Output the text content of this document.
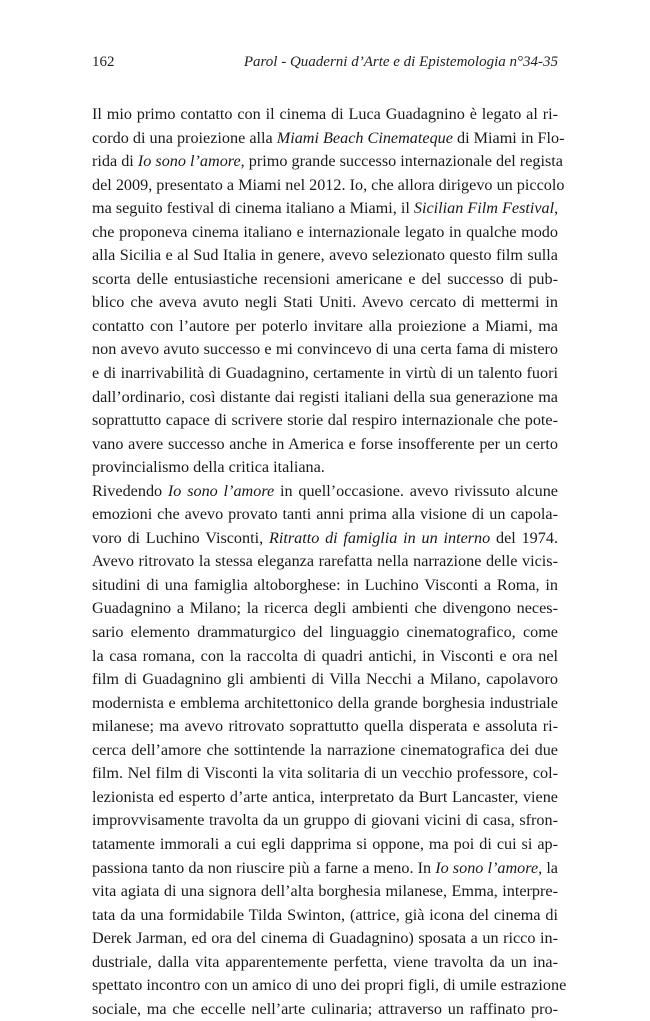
162	Parol - Quaderni d’Arte e di Epistemologia n°34-35
Il mio primo contatto con il cinema di Luca Guadagnino è legato al ri-
cordo di una proiezione alla Miami Beach Cinemateque di Miami in Flo-
rida di Io sono l’amore, primo grande successo internazionale del regista
del 2009, presentato a Miami nel 2012. Io, che allora dirigevo un piccolo
ma seguito festival di cinema italiano a Miami, il Sicilian Film Festival,
che proponeva cinema italiano e internazionale legato in qualche modo
alla Sicilia e al Sud Italia in genere, avevo selezionato questo film sulla
scorta delle entusiastiche recensioni americane e del successo di pub-
blico che aveva avuto negli Stati Uniti. Avevo cercato di mettermi in
contatto con l’autore per poterlo invitare alla proiezione a Miami, ma
non avevo avuto successo e mi convincevo di una certa fama di mistero
e di inarrivabilità di Guadagnino, certamente in virtù di un talento fuori
dall’ordinario, così distante dai registi italiani della sua generazione ma
soprattutto capace di scrivere storie dal respiro internazionale che pote-
vano avere successo anche in America e forse insofferente per un certo
provincialismo della critica italiana.
Rivedendo Io sono l’amore in quell’occasione. avevo rivissuto alcune
emozioni che avevo provato tanti anni prima alla visione di un capola-
voro di Luchino Visconti, Ritratto di famiglia in un interno del 1974.
Avevo ritrovato la stessa eleganza rarefatta nella narrazione delle vicis-
situdini di una famiglia altoborghese: in Luchino Visconti a Roma, in
Guadagnino a Milano; la ricerca degli ambienti che divengono neces-
sario elemento drammaturgico del linguaggio cinematografico, come
la casa romana, con la raccolta di quadri antichi, in Visconti e ora nel
film di Guadagnino gli ambienti di Villa Necchi a Milano, capolavoro
modernista e emblema architettonico della grande borghesia industriale
milanese; ma avevo ritrovato soprattutto quella disperata e assoluta ri-
cerca dell’amore che sottintende la narrazione cinematografica dei due
film. Nel film di Visconti la vita solitaria di un vecchio professore, col-
lezionista ed esperto d’arte antica, interpretato da Burt Lancaster, viene
improvvisamente travolta da un gruppo di giovani vicini di casa, sfron-
tatamente immorali a cui egli dapprima si oppone, ma poi di cui si ap-
passiona tanto da non riuscire più a farne a meno. In Io sono l’amore, la
vita agiata di una signora dell’alta borghesia milanese, Emma, interpre-
tata da una formidabile Tilda Swinton, (attrice, già icona del cinema di
Derek Jarman, ed ora del cinema di Guadagnino) sposata a un ricco in-
dustriale, dalla vita apparentemente perfetta, viene travolta da un ina-
spettato incontro con un amico di uno dei propri figli, di umile estrazione
sociale, ma che eccelle nell’arte culinaria; attraverso un raffinato pro-
